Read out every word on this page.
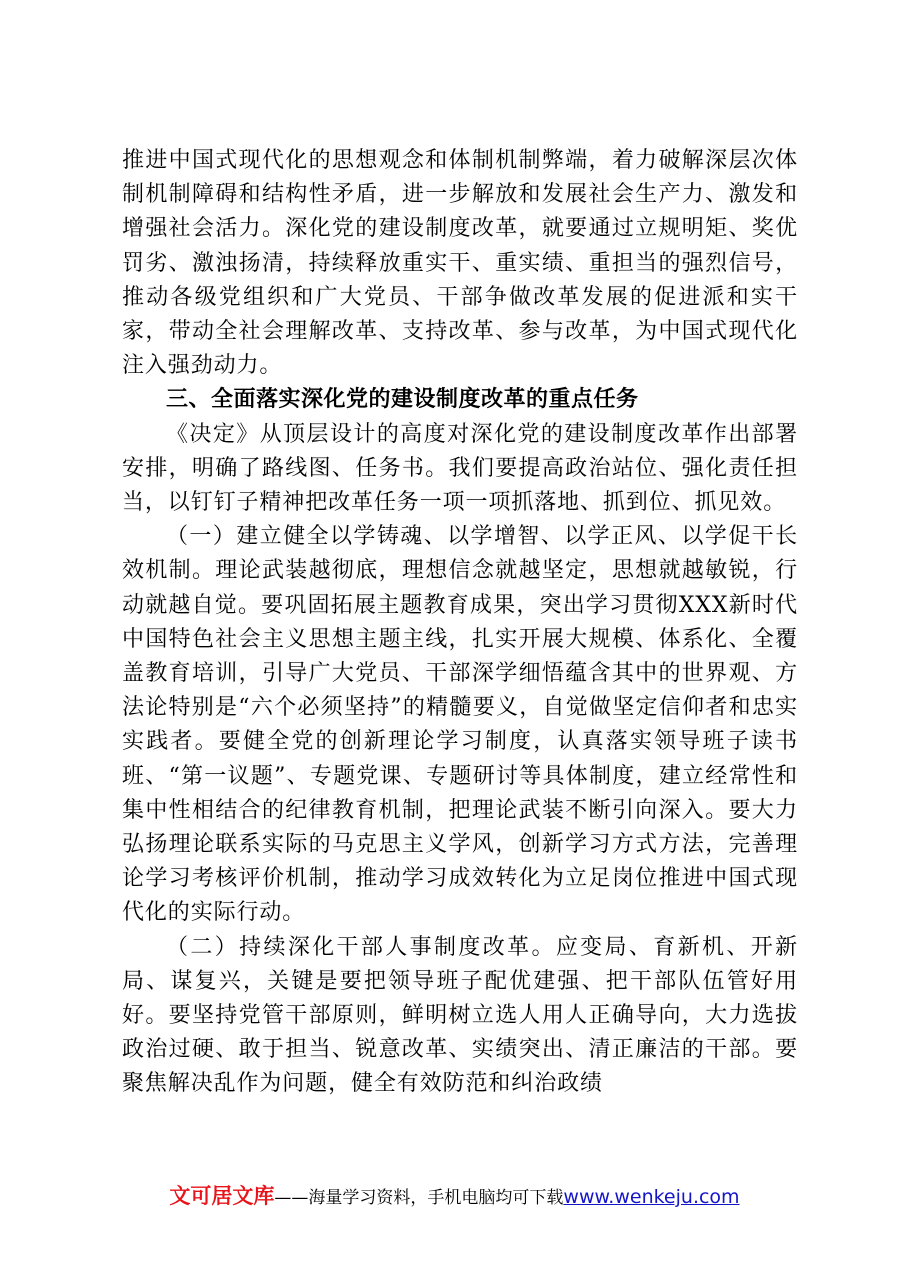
推进中国式现代化的思想观念和体制机制弊端，着力破解深层次体制机制障碍和结构性矛盾，进一步解放和发展社会生产力、激发和增强社会活力。深化党的建设制度改革，就要通过立规明矩、奖优罚劣、激浊扬清，持续释放重实干、重实绩、重担当的强烈信号，推动各级党组织和广大党员、干部争做改革发展的促进派和实干家，带动全社会理解改革、支持改革、参与改革，为中国式现代化注入强劲动力。

三、全面落实深化党的建设制度改革的重点任务

《决定》从顶层设计的高度对深化党的建设制度改革作出部署安排，明确了路线图、任务书。我们要提高政治站位、强化责任担当，以钉钉子精神把改革任务一项一项抓落地、抓到位、抓见效。

（一）建立健全以学铸魂、以学增智、以学正风、以学促干长效机制。理论武装越彻底，理想信念就越坚定，思想就越敏锐，行动就越自觉。要巩固拓展主题教育成果，突出学习贯彻XXX新时代中国特色社会主义思想主题主线，扎实开展大规模、体系化、全覆盖教育培训，引导广大党员、干部深学细悟蕴含其中的世界观、方法论特别是“六个必须坚持”的精髓要义，自觉做坚定信仰者和忠实实践者。要健全党的创新理论学习制度，认真落实领导班子读书班、“第一议题”、专题党课、专题研讨等具体制度，建立经常性和集中性相结合的纪律教育机制，把理论武装不断引向深入。要大力弘扬理论联系实际的马克思主义学风，创新学习方式方法，完善理论学习考核评价机制，推动学习成效转化为立足岗位推进中国式现代化的实际行动。

（二）持续深化干部人事制度改革。应变局、育新机、开新局、谋复兴，关键是要把领导班子配优建强、把干部队伍管好用好。要坚持党管干部原则，鲜明树立选人用人正确导向，大力选拔政治过硬、敢于担当、锐意改革、实绩突出、清正廉洁的干部。要聚焦解决乱作为问题，健全有效防范和纠治政绩

文可居文库——海量学习资料，手机电脑均可下载www.wenkeju.com
